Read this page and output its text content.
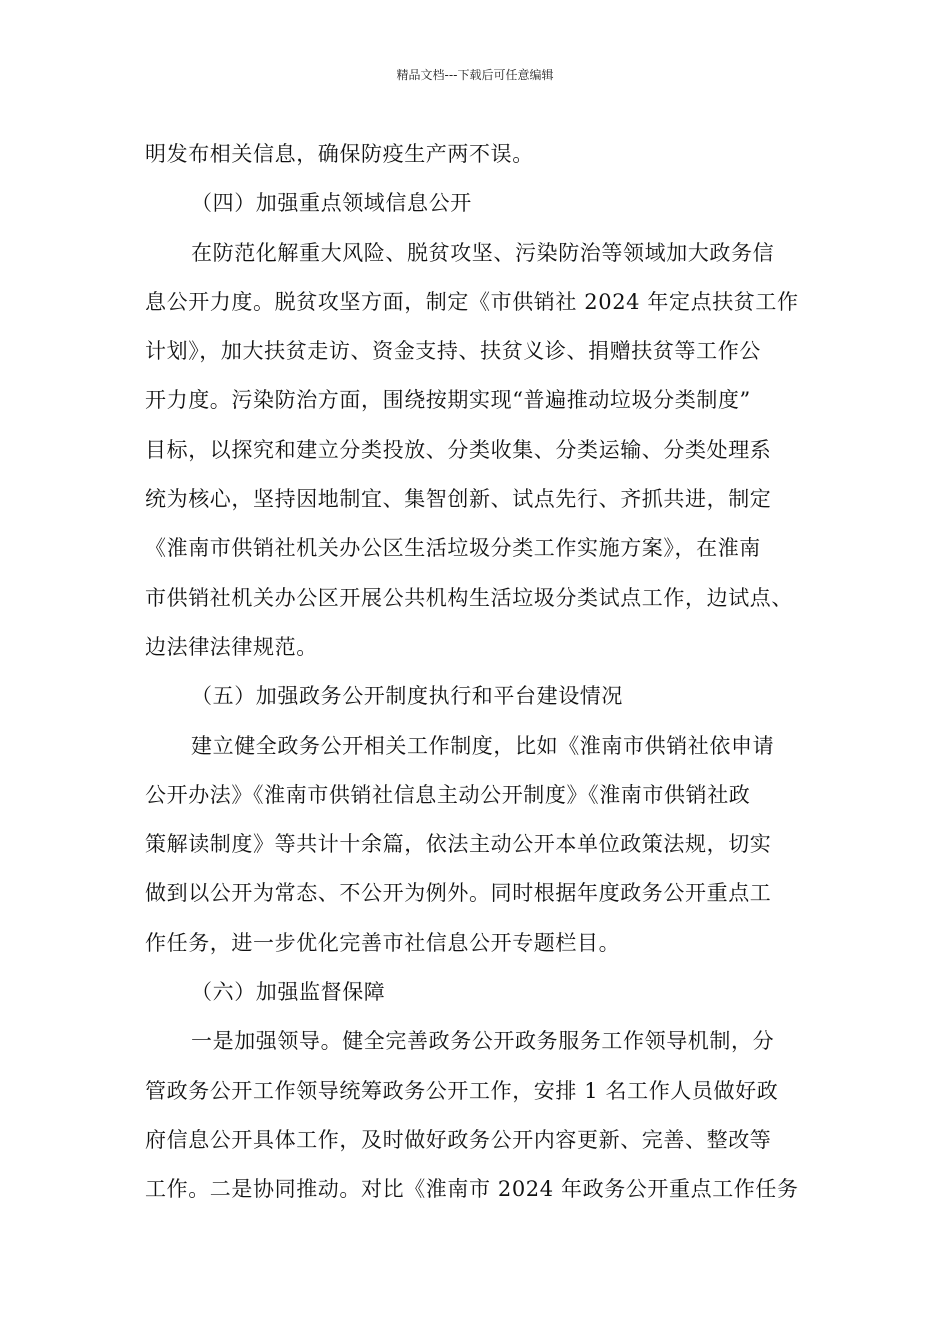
精品文档---下载后可任意编辑
明发布相关信息，确保防疫生产两不误。
（四）加强重点领域信息公开
在防范化解重大风险、脱贫攻坚、污染防治等领域加大政务信
息公开力度。脱贫攻坚方面，制定《市供销社 2024 年定点扶贫工作
计划》，加大扶贫走访、资金支持、扶贫义诊、捐赠扶贫等工作公
开力度。污染防治方面，围绕按期实现“普遍推动垃圾分类制度”
目标，以探究和建立分类投放、分类收集、分类运输、分类处理系
统为核心，坚持因地制宜、集智创新、试点先行、齐抓共进，制定
《淮南市供销社机关办公区生活垃圾分类工作实施方案》，在淮南
市供销社机关办公区开展公共机构生活垃圾分类试点工作，边试点、
边法律法律规范。
（五）加强政务公开制度执行和平台建设情况
建立健全政务公开相关工作制度，比如《淮南市供销社依申请
公开办法》《淮南市供销社信息主动公开制度》《淮南市供销社政
策解读制度》等共计十余篇，依法主动公开本单位政策法规，切实
做到以公开为常态、不公开为例外。同时根据年度政务公开重点工
作任务，进一步优化完善市社信息公开专题栏目。
（六）加强监督保障
一是加强领导。健全完善政务公开政务服务工作领导机制，分
管政务公开工作领导统筹政务公开工作，安排 1 名工作人员做好政
府信息公开具体工作，及时做好政务公开内容更新、完善、整改等
工作。二是协同推动。对比《淮南市 2024 年政务公开重点工作任务
